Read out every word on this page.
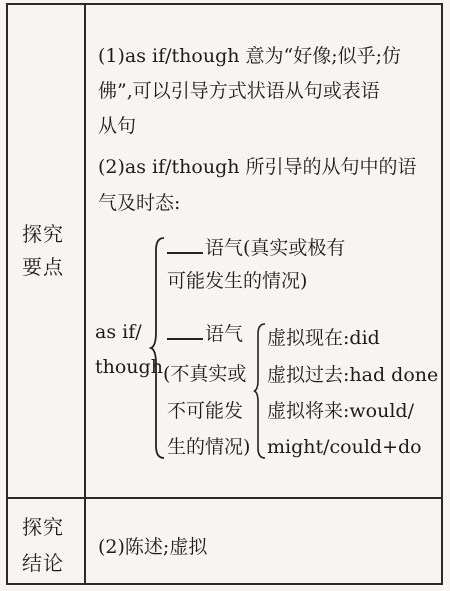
探究
要点
(1)as if/though 意为“好像;似乎;仿
佛”,可以引导方式状语从句或表语
从句
(2)as if/though 所引导的从句中的语
气及时态:
as if/
though
语气(真实或极有
可能发生的情况)
语气
(不真实或
不可能发
生的情况)
虚拟现在:did
虚拟过去:had done
虚拟将来:would/
might/could+do
探究
结论
(2)陈述;虚拟
